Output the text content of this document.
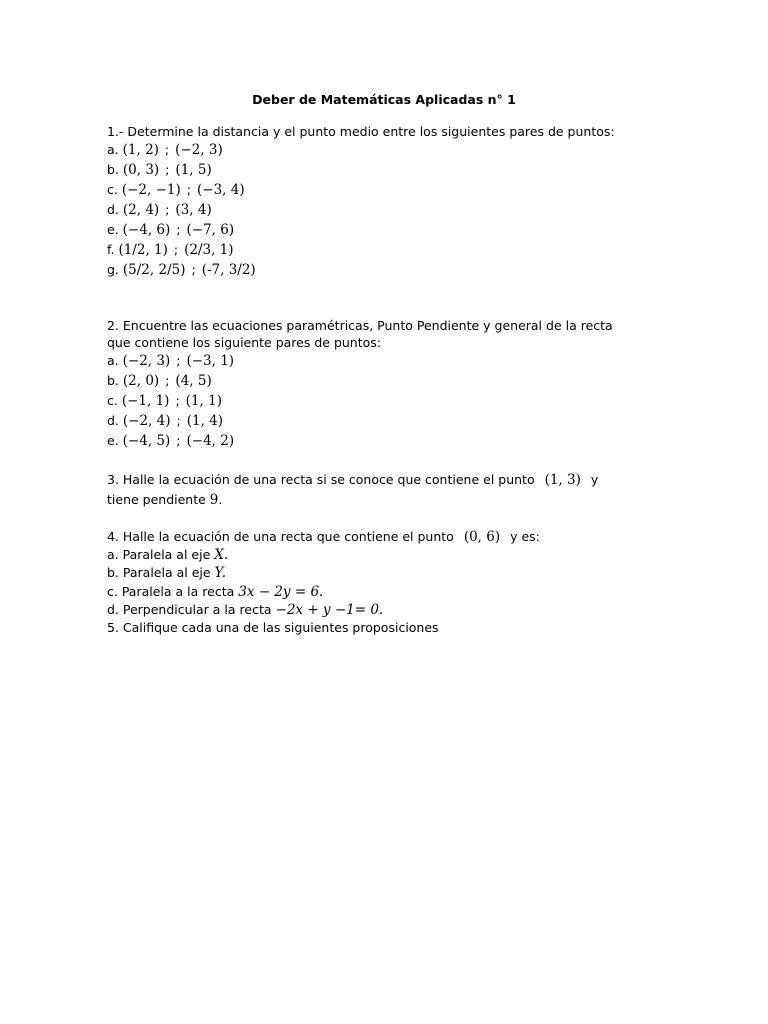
Deber de Matemáticas Aplicadas n° 1
1.- Determine la distancia y el punto medio entre los siguientes pares de puntos:
a. (1, 2) ; (−2, 3)
b. (0, 3) ; (1, 5)
c. (−2, −1) ; (−3, 4)
d. (2, 4) ; (3, 4)
e. (−4, 6) ; (−7, 6)
f. (1/2, 1) ; (2/3, 1)
g. (5/2, 2/5) ; (-7, 3/2)
2. Encuentre las ecuaciones paramétricas, Punto Pendiente y general de la recta que contiene los siguiente pares de puntos:
a. (−2, 3) ; (−3, 1)
b. (2, 0) ; (4, 5)
c. (−1, 1) ; (1, 1)
d. (−2, 4) ; (1, 4)
e. (−4, 5) ; (−4, 2)
3. Halle la ecuación de una recta si se conoce que contiene el punto (1, 3) y
tiene pendiente 9.
4. Halle la ecuación de una recta que contiene el punto (0, 6) y es:
a. Paralela al eje X.
b. Paralela al eje Y.
c. Paralela a la recta 3x − 2y = 6.
d. Perpendicular a la recta −2x + y −1= 0.
5. Califique cada una de las siguientes proposiciones
